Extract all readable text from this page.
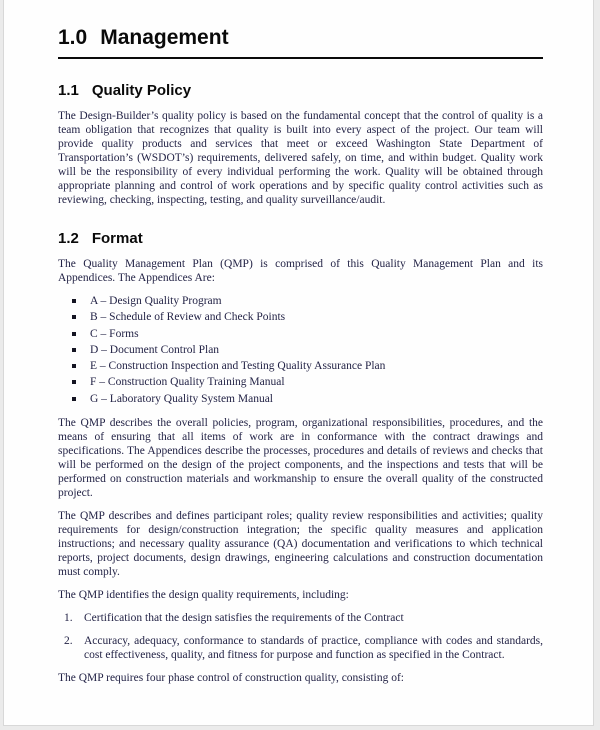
1.0 Management
1.1 Quality Policy

The Design-Builder’s quality policy is based on the fundamental concept that the control of quality is a team obligation that recognizes that quality is built into every aspect of the project. Our team will provide quality products and services that meet or exceed Washington State Department of Transportation’s (WSDOT’s) requirements, delivered safely, on time, and within budget. Quality work will be the responsibility of every individual performing the work. Quality will be obtained through appropriate planning and control of work operations and by specific quality control activities such as reviewing, checking, inspecting, testing, and quality surveillance/audit.

1.2 Format

The Quality Management Plan (QMP) is comprised of this Quality Management Plan and its Appendices. The Appendices Are:

A – Design Quality Program
B – Schedule of Review and Check Points
C – Forms
D – Document Control Plan
E – Construction Inspection and Testing Quality Assurance Plan
F – Construction Quality Training Manual
G – Laboratory Quality System Manual

The QMP describes the overall policies, program, organizational responsibilities, procedures, and the means of ensuring that all items of work are in conformance with the contract drawings and specifications. The Appendices describe the processes, procedures and details of reviews and checks that will be performed on the design of the project components, and the inspections and tests that will be performed on construction materials and workmanship to ensure the overall quality of the constructed project.

The QMP describes and defines participant roles; quality review responsibilities and activities; quality requirements for design/construction integration; the specific quality measures and application instructions; and necessary quality assurance (QA) documentation and verifications to which technical reports, project documents, design drawings, engineering calculations and construction documentation must comply.

The QMP identifies the design quality requirements, including:

1. Certification that the design satisfies the requirements of the Contract
2. Accuracy, adequacy, conformance to standards of practice, compliance with codes and standards, cost effectiveness, quality, and fitness for purpose and function as specified in the Contract.

The QMP requires four phase control of construction quality, consisting of:
